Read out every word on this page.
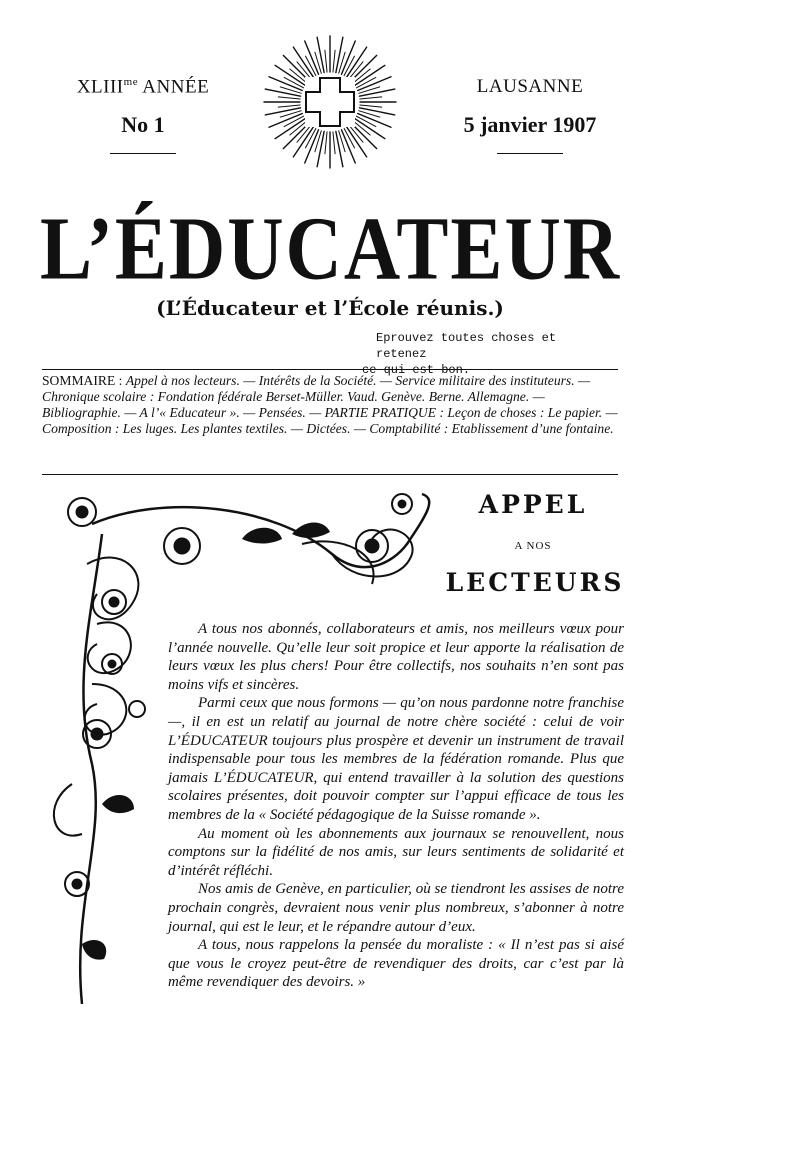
$XLIII^{me}$ ANNÉE
No 1
LAUSANNE
5 janvier 1907
L’ÉDUCATEUR
(L’Éducateur et l’École réunis.)
Eprouvez toutes choses et retenez
ce qui est bon.
SOMMAIRE : Appel à nos lecteurs. — Intérêts de la Société. — Service militaire des instituteurs. — Chronique scolaire : Fondation fédérale Berset-Müller. Vaud. Genève. Berne. Allemagne. — Bibliographie. — A l’« Educateur ». — Pensées. — PARTIE PRATIQUE : Leçon de choses : Le papier. — Composition : Les luges. Les plantes textiles. — Dictées. — Comptabilité : Etablissement d’une fontaine.
APPEL
A NOS
LECTEURS

A tous nos abonnés, collaborateurs et amis, nos meilleurs vœux pour l’année nouvelle. Qu’elle leur soit propice et leur apporte la réalisation de leurs vœux les plus chers! Pour être collectifs, nos souhaits n’en sont pas moins vifs et sincères.

Parmi ceux que nous formons — qu’on nous pardonne notre franchise —, il en est un relatif au journal de notre chère société : celui de voir L’ÉDUCATEUR toujours plus prospère et devenir un instrument de travail indispensable pour tous les membres de la fédération romande. Plus que jamais L’ÉDUCATEUR, qui entend travailler à la solution des questions scolaires présentes, doit pouvoir compter sur l’appui efficace de tous les membres de la « Société pédagogique de la Suisse romande ».

Au moment où les abonnements aux journaux se renouvellent, nous comptons sur la fidélité de nos amis, sur leurs sentiments de solidarité et d’intérêt réfléchi.

Nos amis de Genève, en particulier, où se tiendront les assises de notre prochain congrès, devraient nous venir plus nombreux, s’abonner à notre journal, qui est le leur, et le répandre autour d’eux.

A tous, nous rappelons la pensée du moraliste : « Il n’est pas si aisé que vous le croyez peut-être de revendiquer des droits, car c’est par là même revendiquer des devoirs. »
